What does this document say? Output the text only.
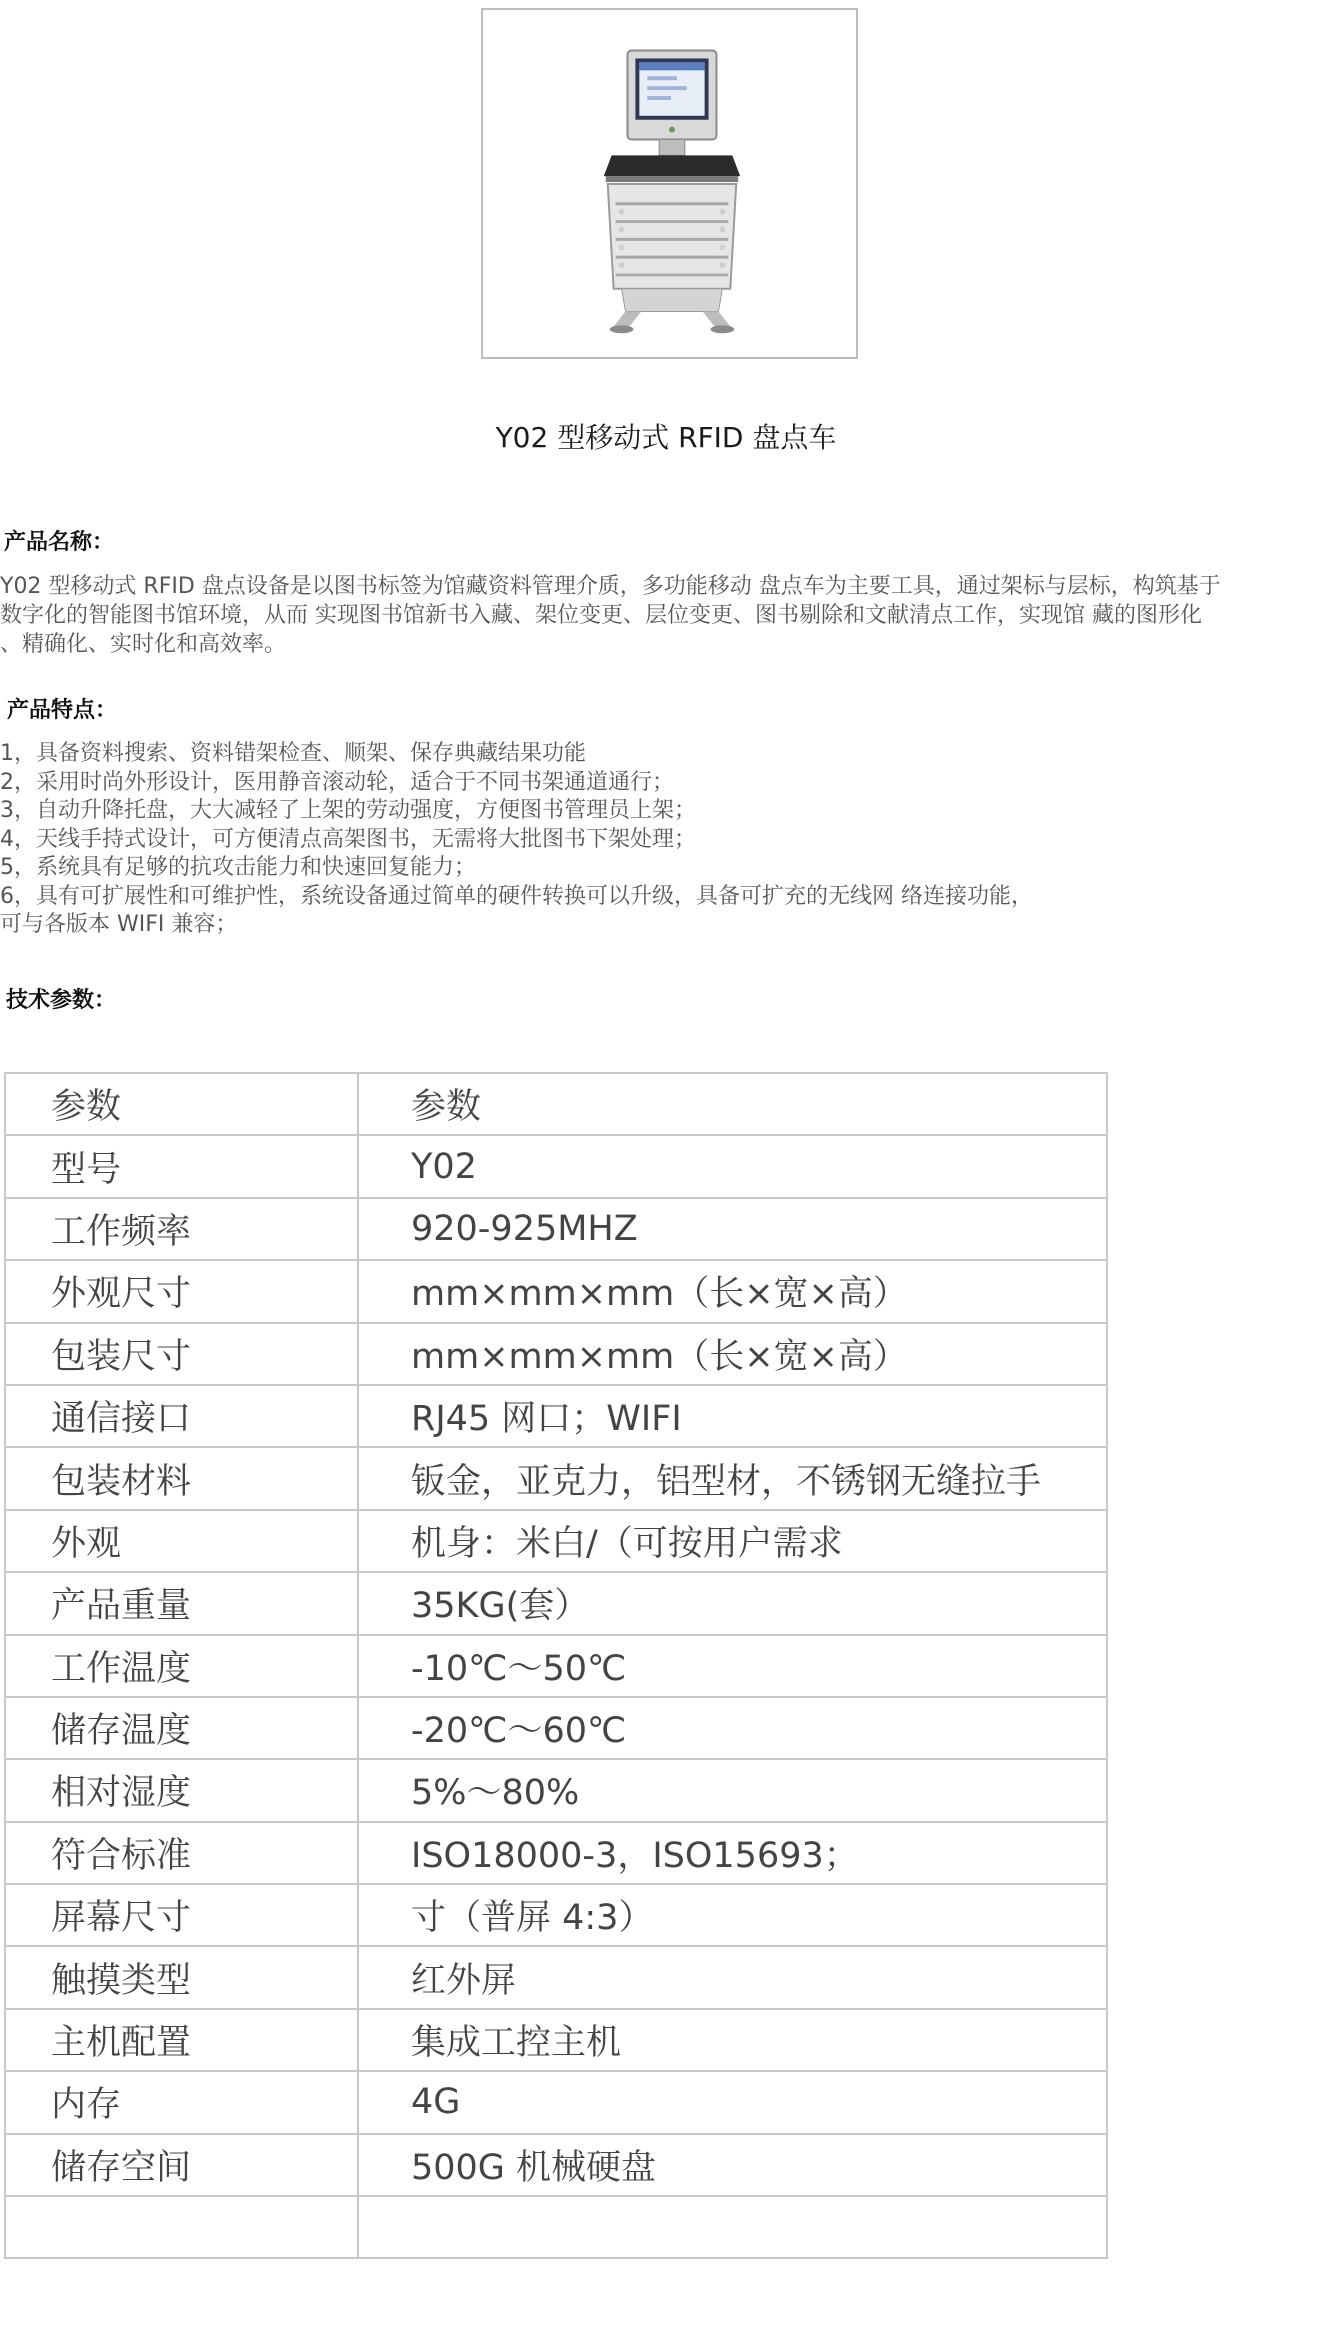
Y02 型移动式 RFID 盘点车
产品名称：

Y02 型移动式 RFID 盘点设备是以图书标签为馆藏资料管理介质，多功能移动 盘点车为主要工具，通过架标与层标，构筑基于

数字化的智能图书馆环境，从而 实现图书馆新书入藏、架位变更、层位变更、图书剔除和文献清点工作，实现馆 藏的图形化

、精确化、实时化和高效率。

产品特点：
1，具备资料搜索、资料错架检查、顺架、保存典藏结果功能
2，采用时尚外形设计，医用静音滚动轮，适合于不同书架通道通行；
3，自动升降托盘，大大减轻了上架的劳动强度，方便图书管理员上架；
4，天线手持式设计，可方便清点高架图书，无需将大批图书下架处理；
5，系统具有足够的抗攻击能力和快速回复能力；
6，具有可扩展性和可维护性，系统设备通过简单的硬件转换可以升级，具备可扩充的无线网 络连接功能，
可与各版本 WIFI 兼容；
技术参数：
参数	参数
型号	Y02
工作频率	920-925MHZ
外观尺寸	mm×mm×mm（长×宽×高）
包装尺寸	mm×mm×mm（长×宽×高）
通信接口	RJ45 网口；WIFI
包装材料	钣金，亚克力，铝型材，不锈钢无缝拉手
外观	机身：米白/（可按用户需求
产品重量	35KG(套）
工作温度	-10℃～50℃
储存温度	-20℃～60℃
相对湿度	5%～80%
符合标准	ISO18000-3，ISO15693；
屏幕尺寸	寸（普屏 4:3）
触摸类型	红外屏
主机配置	集成工控主机
内存	4G
储存空间	500G 机械硬盘
